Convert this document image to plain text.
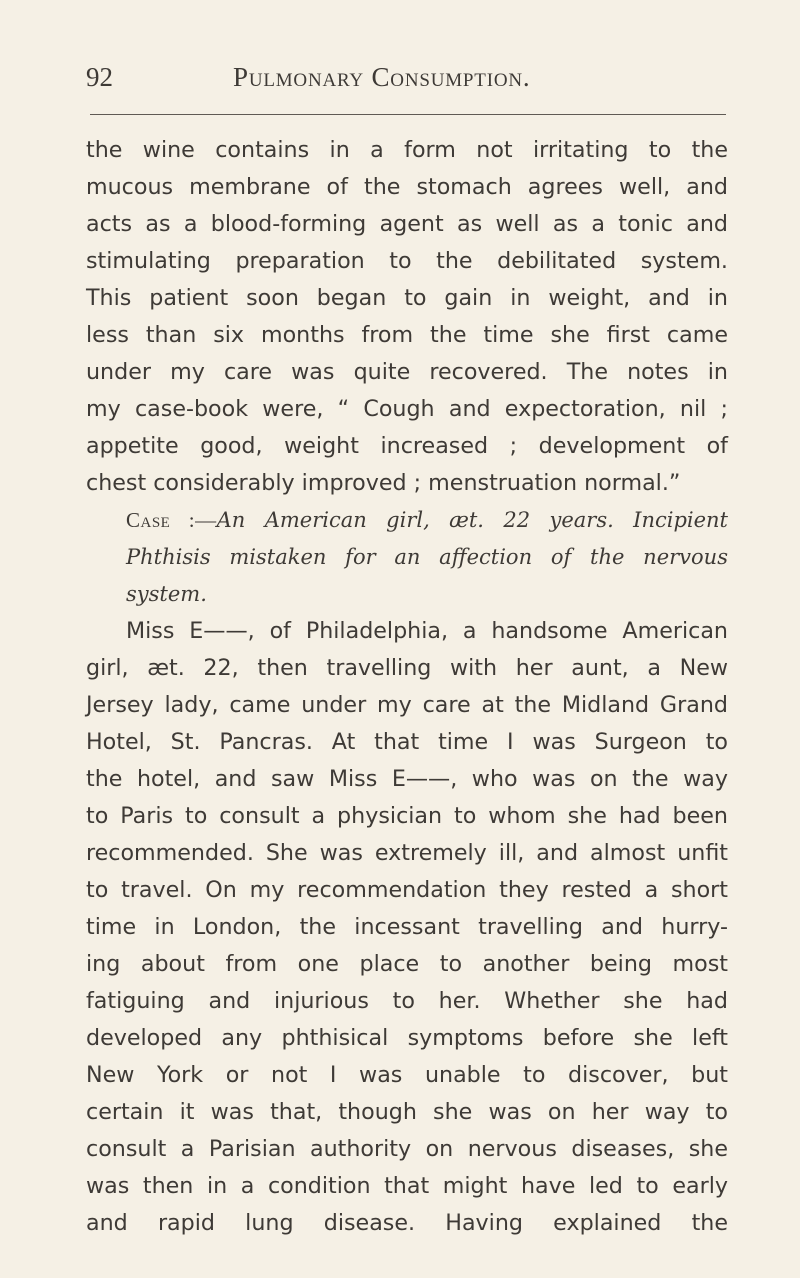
92	Pulmonary Consumption.
the wine contains in a form not irritating to the
mucous membrane of the stomach agrees well, and
acts as a blood-forming agent as well as a tonic and
stimulating preparation to the debilitated system.
This patient soon began to gain in weight, and in
less than six months from the time she first came
under my care was quite recovered. The notes in
my case-book were, “ Cough and expectoration, nil ;
appetite good, weight increased ; development of
chest considerably improved ; menstruation normal.”
Case :—An American girl, æt. 22 years. Incipient
Phthisis mistaken for an affection of the nervous
system.
Miss E——, of Philadelphia, a handsome American
girl, æt. 22, then travelling with her aunt, a New
Jersey lady, came under my care at the Midland Grand
Hotel, St. Pancras. At that time I was Surgeon to
the hotel, and saw Miss E——, who was on the way
to Paris to consult a physician to whom she had been
recommended. She was extremely ill, and almost unfit
to travel. On my recommendation they rested a short
time in London, the incessant travelling and hurry-
ing about from one place to another being most
fatiguing and injurious to her. Whether she had
developed any phthisical symptoms before she left
New York or not I was unable to discover, but
certain it was that, though she was on her way to
consult a Parisian authority on nervous diseases, she
was then in a condition that might have led to early
and rapid lung disease. Having explained the
